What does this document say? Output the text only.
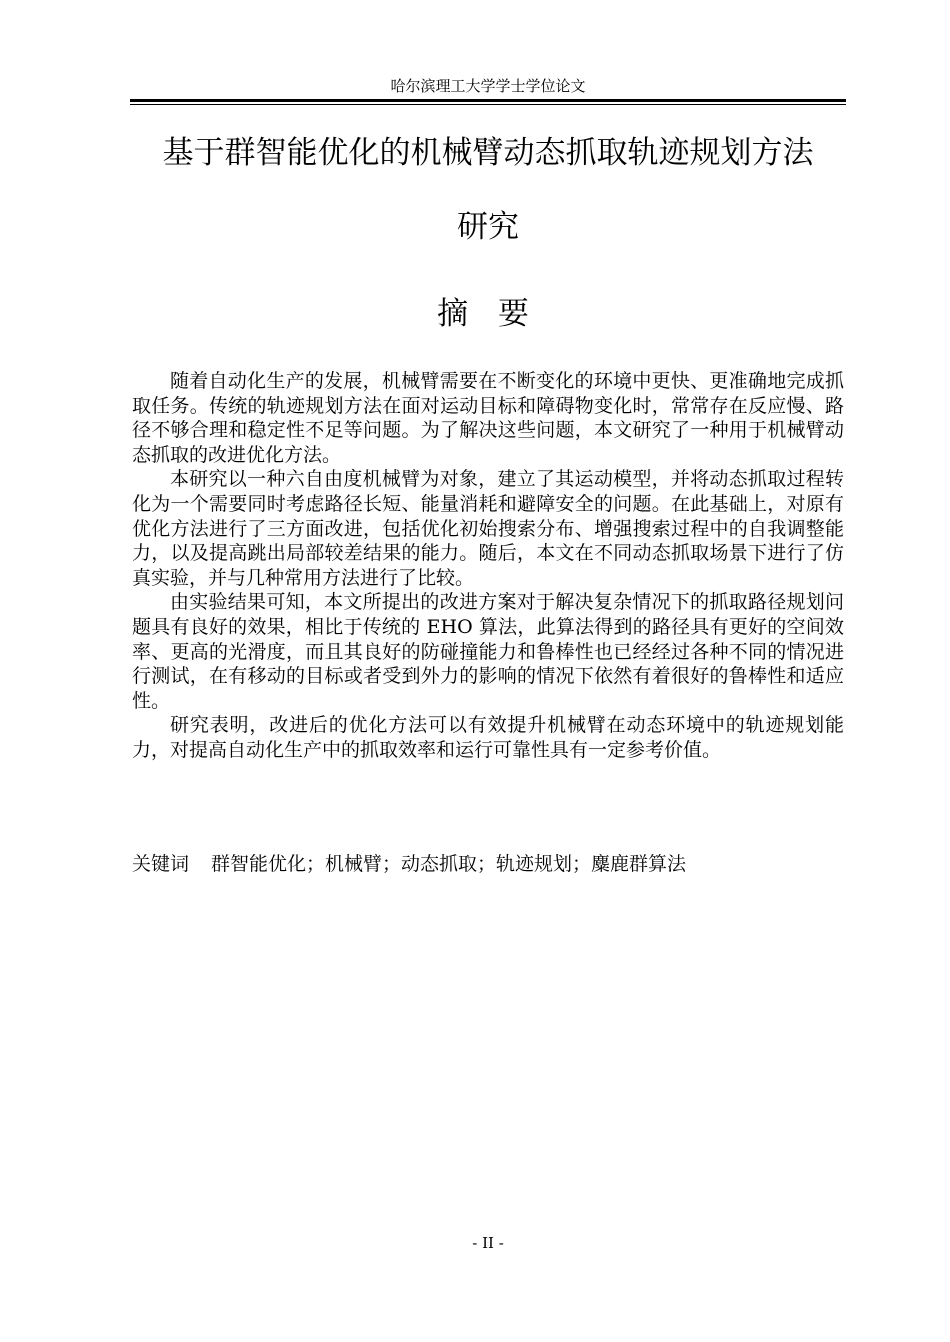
哈尔滨理工大学学士学位论文
基于群智能优化的机械臂动态抓取轨迹规划方法
研究
摘 要

随着自动化生产的发展，机械臂需要在不断变化的环境中更快、更准确地完成抓取任务。传统的轨迹规划方法在面对运动目标和障碍物变化时，常常存在反应慢、路径不够合理和稳定性不足等问题。为了解决这些问题，本文研究了一种用于机械臂动态抓取的改进优化方法。

本研究以一种六自由度机械臂为对象，建立了其运动模型，并将动态抓取过程转化为一个需要同时考虑路径长短、能量消耗和避障安全的问题。在此基础上，对原有优化方法进行了三方面改进，包括优化初始搜索分布、增强搜索过程中的自我调整能力，以及提高跳出局部较差结果的能力。随后，本文在不同动态抓取场景下进行了仿真实验，并与几种常用方法进行了比较。

由实验结果可知，本文所提出的改进方案对于解决复杂情况下的抓取路径规划问题具有良好的效果，相比于传统的 EHO 算法，此算法得到的路径具有更好的空间效率、更高的光滑度，而且其良好的防碰撞能力和鲁棒性也已经经过各种不同的情况进行测试，在有移动的目标或者受到外力的影响的情况下依然有着很好的鲁棒性和适应性。

研究表明，改进后的优化方法可以有效提升机械臂在动态环境中的轨迹规划能力，对提高自动化生产中的抓取效率和运行可靠性具有一定参考价值。

关键词 群智能优化；机械臂；动态抓取；轨迹规划；麋鹿群算法
- II -
